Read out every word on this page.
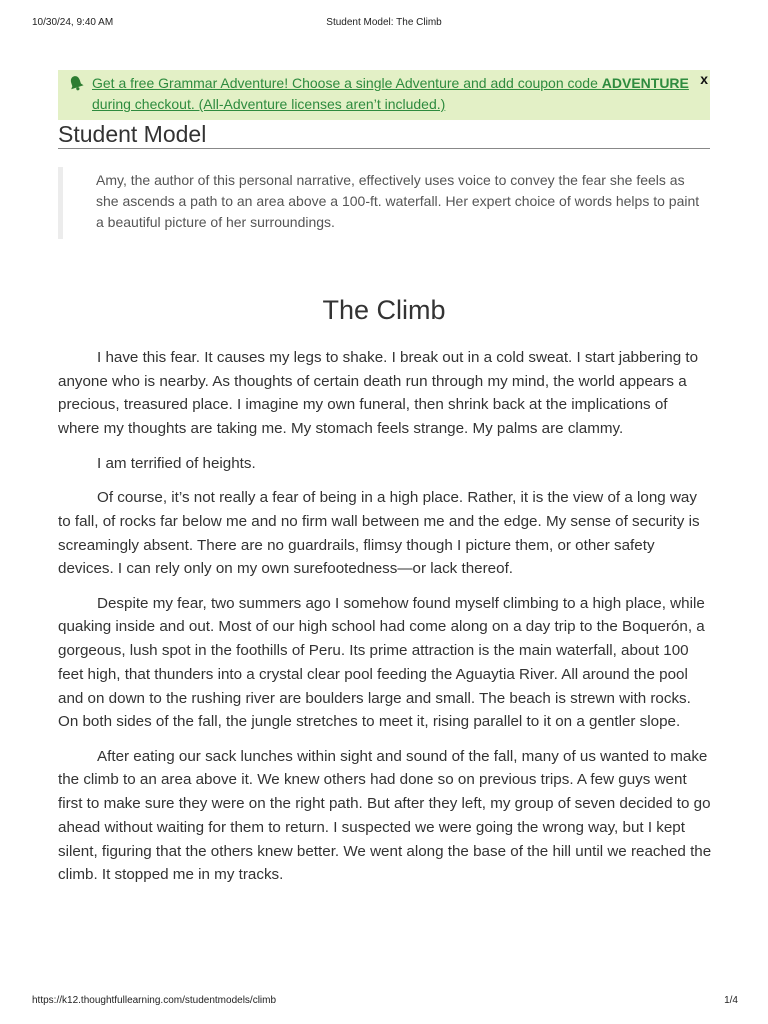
10/30/24, 9:40 AM	Student Model: The Climb
Get a free Grammar Adventure! Choose a single Adventure and add coupon code ADVENTURE during checkout. (All-Adventure licenses aren’t included.)
x
Student Model
Amy, the author of this personal narrative, effectively uses voice to convey the fear she feels as she ascends a path to an area above a 100-ft. waterfall. Her expert choice of words helps to paint a beautiful picture of her surroundings.
The Climb

I have this fear. It causes my legs to shake. I break out in a cold sweat. I start jabbering to anyone who is nearby. As thoughts of certain death run through my mind, the world appears a precious, treasured place. I imagine my own funeral, then shrink back at the implications of where my thoughts are taking me. My stomach feels strange. My palms are clammy.

I am terrified of heights.

Of course, it’s not really a fear of being in a high place. Rather, it is the view of a long way to fall, of rocks far below me and no firm wall between me and the edge. My sense of security is screamingly absent. There are no guardrails, flimsy though I picture them, or other safety devices. I can rely only on my own surefootedness—or lack thereof.

Despite my fear, two summers ago I somehow found myself climbing to a high place, while quaking inside and out. Most of our high school had come along on a day trip to the Boquerón, a gorgeous, lush spot in the foothills of Peru. Its prime attraction is the main waterfall, about 100 feet high, that thunders into a crystal clear pool feeding the Aguaytia River. All around the pool and on down to the rushing river are boulders large and small. The beach is strewn with rocks. On both sides of the fall, the jungle stretches to meet it, rising parallel to it on a gentler slope.

After eating our sack lunches within sight and sound of the fall, many of us wanted to make the climb to an area above it. We knew others had done so on previous trips. A few guys went first to make sure they were on the right path. But after they left, my group of seven decided to go ahead without waiting for them to return. I suspected we were going the wrong way, but I kept silent, figuring that the others knew better. We went along the base of the hill until we reached the climb. It stopped me in my tracks.

https://k12.thoughtfullearning.com/studentmodels/climb	1/4
